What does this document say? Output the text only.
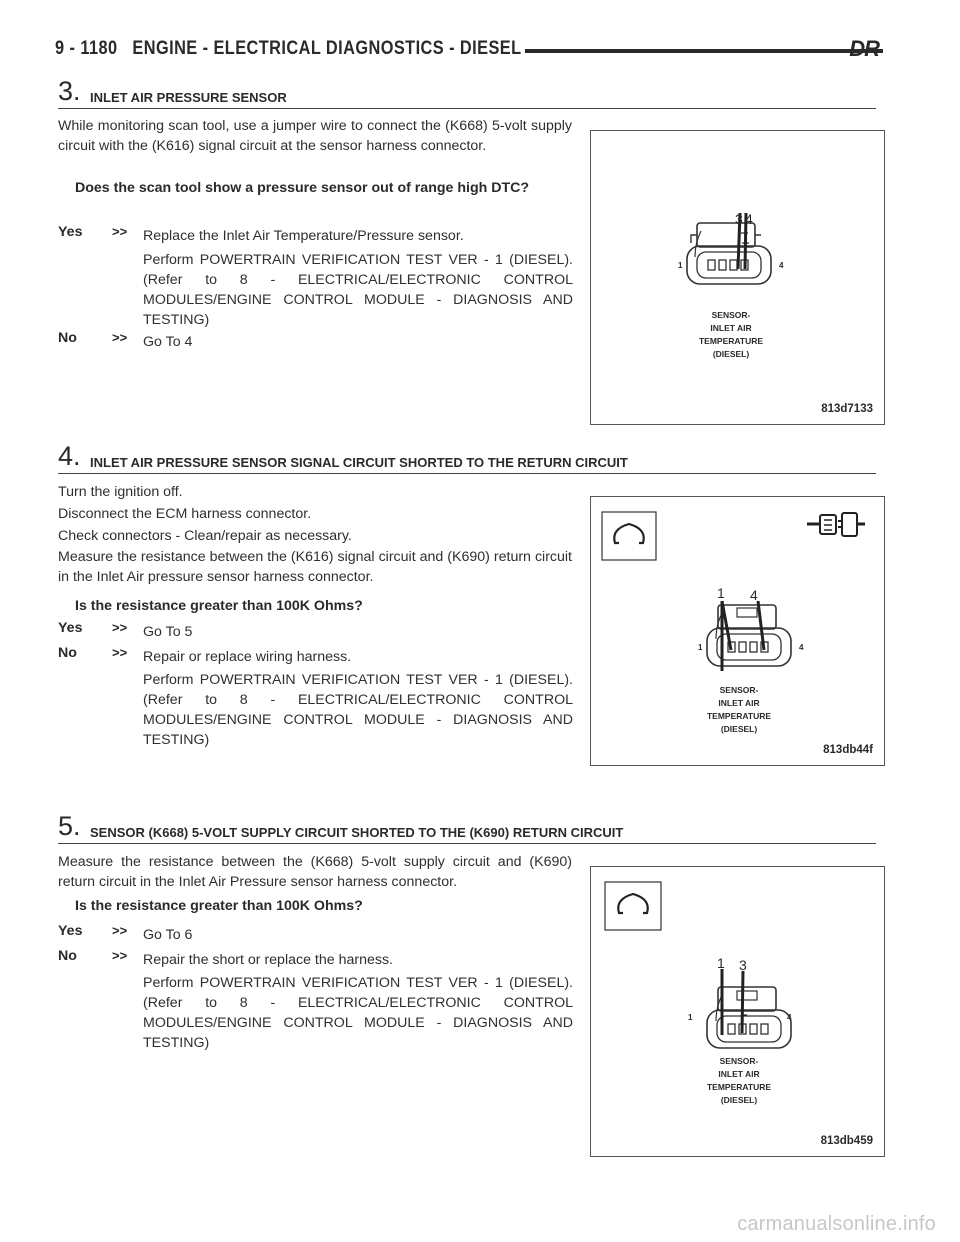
9 - 1180 ENGINE - ELECTRICAL DIAGNOSTICS - DIESEL	DR
3. INLET AIR PRESSURE SENSOR
While monitoring scan tool, use a jumper wire to connect the (K668) 5-volt supply circuit with the (K616) signal circuit at the sensor harness connector.
Does the scan tool show a pressure sensor out of range high DTC?
Yes >> Replace the Inlet Air Temperature/Pressure sensor.
Perform POWERTRAIN VERIFICATION TEST VER - 1 (DIESEL). (Refer to 8 - ELECTRICAL/ELECTRONIC CONTROL MODULES/ENGINE CONTROL MODULE - DIAGNOSIS AND TESTING)
No	>> Go To 4
3 4
1	4
SENSOR-
INLET AIR
TEMPERATURE
(DIESEL)
813d7133
4. INLET AIR PRESSURE SENSOR SIGNAL CIRCUIT SHORTED TO THE RETURN CIRCUIT
Turn the ignition off.
Disconnect the ECM harness connector.
Check connectors - Clean/repair as necessary.
Measure the resistance between the (K616) signal circuit and (K690) return circuit in the Inlet Air pressure sensor harness connector.
Is the resistance greater than 100K Ohms?
Yes >> Go To 5
No	>> Repair or replace wiring harness.
Perform POWERTRAIN VERIFICATION TEST VER - 1 (DIESEL). (Refer to 8 - ELECTRICAL/ELECTRONIC CONTROL MODULES/ENGINE CONTROL MODULE - DIAGNOSIS AND TESTING)
1 4
1	4
SENSOR-
INLET AIR
TEMPERATURE
(DIESEL)
813db44f
5. SENSOR (K668) 5-VOLT SUPPLY CIRCUIT SHORTED TO THE (K690) RETURN CIRCUIT
Measure the resistance between the (K668) 5-volt supply circuit and (K690) return circuit in the Inlet Air Pressure sensor harness connector.
Is the resistance greater than 100K Ohms?
Yes >> Go To 6
No	>> Repair the short or replace the harness.
Perform POWERTRAIN VERIFICATION TEST VER - 1 (DIESEL). (Refer to 8 - ELECTRICAL/ELECTRONIC CONTROL MODULES/ENGINE CONTROL MODULE - DIAGNOSIS AND TESTING)
1 3
1	4
SENSOR-
INLET AIR
TEMPERATURE
(DIESEL)
813db459
carmanualsonline.info
